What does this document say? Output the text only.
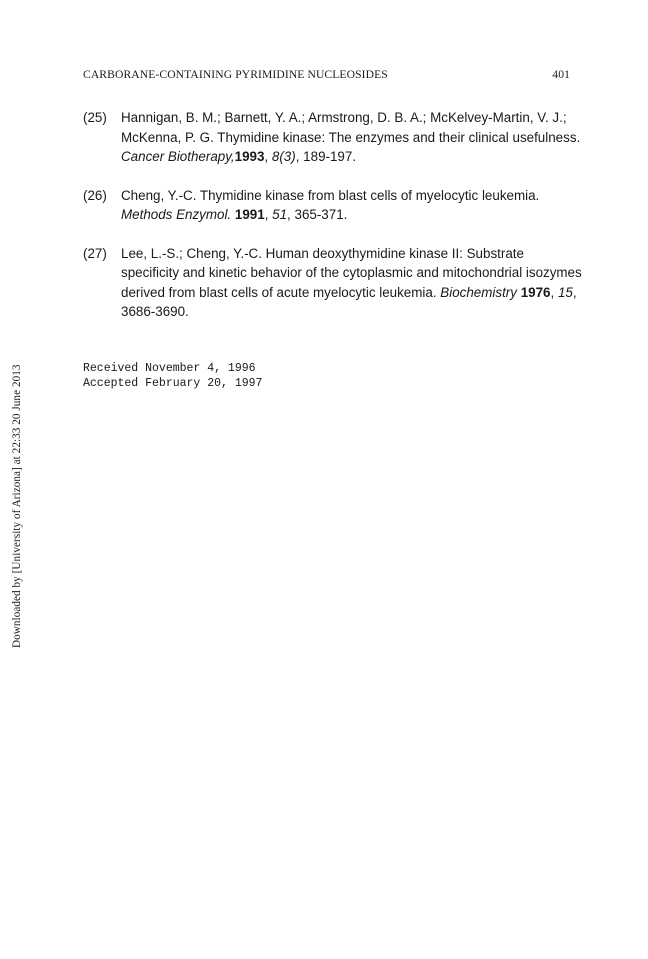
CARBORANE-CONTAINING PYRIMIDINE NUCLEOSIDES	401
(25) Hannigan, B. M.; Barnett, Y. A.; Armstrong, D. B. A.; McKelvey-Martin, V. J.; McKenna, P. G. Thymidine kinase: The enzymes and their clinical usefulness. Cancer Biotherapy,1993, 8(3), 189-197.
(26) Cheng, Y.-C. Thymidine kinase from blast cells of myelocytic leukemia. Methods Enzymol. 1991, 51, 365-371.
(27) Lee, L.-S.; Cheng, Y.-C. Human deoxythymidine kinase II: Substrate specificity and kinetic behavior of the cytoplasmic and mitochondrial isozymes derived from blast cells of acute myelocytic leukemia. Biochemistry 1976, 15, 3686-3690.
Received November 4, 1996
Accepted February 20, 1997
Downloaded by [University of Arizona] at 22:33 20 June 2013
